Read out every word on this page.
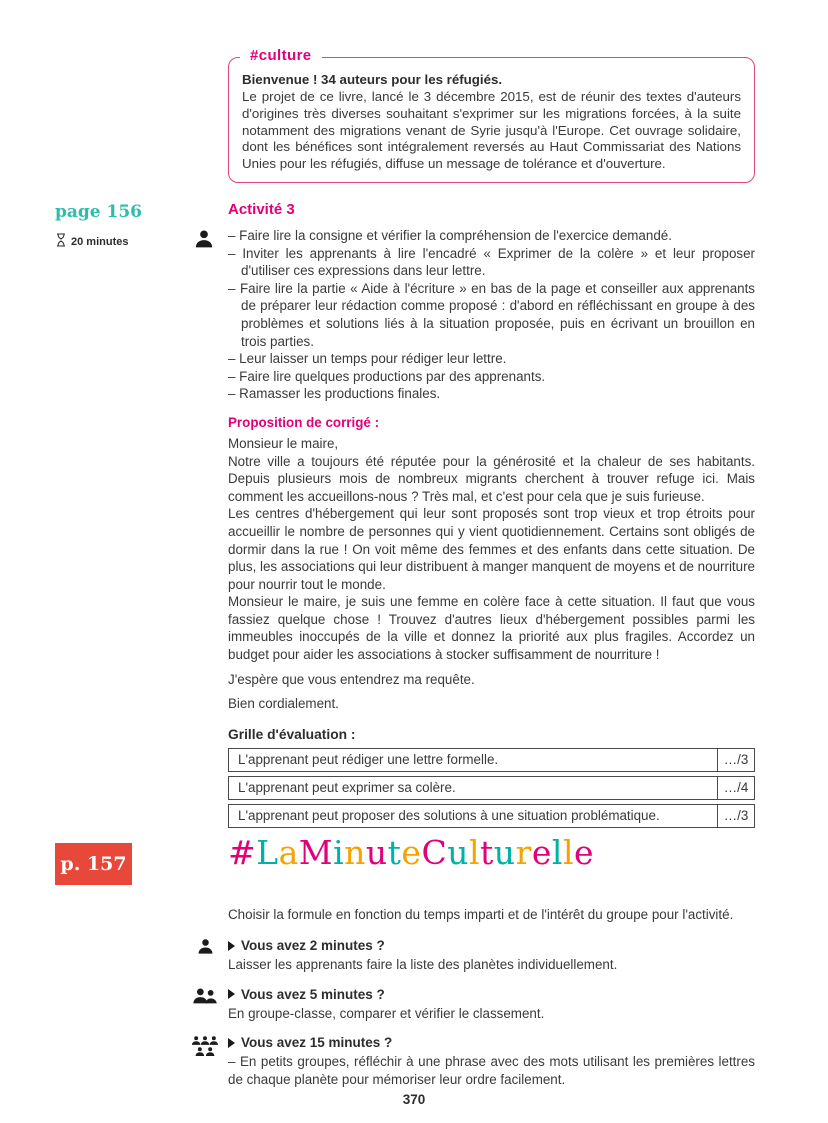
#culture

Bienvenue ! 34 auteurs pour les réfugiés.

Le projet de ce livre, lancé le 3 décembre 2015, est de réunir des textes d'auteurs d'origines très diverses souhaitant s'exprimer sur les migrations forcées, à la suite notamment des migrations venant de Syrie jusqu'à l'Europe. Cet ouvrage solidaire, dont les bénéfices sont intégralement reversés au Haut Commissariat des Nations Unies pour les réfugiés, diffuse un message de tolérance et d'ouverture.

page 156
20 minutes
Activité 3
– Faire lire la consigne et vérifier la compréhension de l'exercice demandé.
– Inviter les apprenants à lire l'encadré « Exprimer de la colère » et leur proposer d'utiliser ces expressions dans leur lettre.
– Faire lire la partie « Aide à l'écriture » en bas de la page et conseiller aux apprenants de préparer leur rédaction comme proposé : d'abord en réfléchissant en groupe à des problèmes et solutions liés à la situation proposée, puis en écrivant un brouillon en trois parties.
– Leur laisser un temps pour rédiger leur lettre.
– Faire lire quelques productions par des apprenants.
– Ramasser les productions finales.
Proposition de corrigé :

Monsieur le maire,

Notre ville a toujours été réputée pour la générosité et la chaleur de ses habitants. Depuis plusieurs mois de nombreux migrants cherchent à trouver refuge ici. Mais comment les accueillons-nous ? Très mal, et c'est pour cela que je suis furieuse.

Les centres d'hébergement qui leur sont proposés sont trop vieux et trop étroits pour accueillir le nombre de personnes qui y vient quotidiennement. Certains sont obligés de dormir dans la rue ! On voit même des femmes et des enfants dans cette situation. De plus, les associations qui leur distribuent à manger manquent de moyens et de nourriture pour nourrir tout le monde.

Monsieur le maire, je suis une femme en colère face à cette situation. Il faut que vous fassiez quelque chose ! Trouvez d'autres lieux d'hébergement possibles parmi les immeubles inoccupés de la ville et donnez la priorité aux plus fragiles. Accordez un budget pour aider les associations à stocker suffisamment de nourriture !

J'espère que vous entendrez ma requête.

Bien cordialement.

Grille d'évaluation :
L'apprenant peut rédiger une lettre formelle.	…/3
L'apprenant peut exprimer sa colère.	…/4
L'apprenant peut proposer des solutions à une situation problématique.	…/3
p. 157	#LaMinuteCulturelle

Choisir la formule en fonction du temps imparti et de l'intérêt du groupe pour l'activité.

Vous avez 2 minutes ?

Laisser les apprenants faire la liste des planètes individuellement.

Vous avez 5 minutes ?

En groupe-classe, comparer et vérifier le classement.

Vous avez 15 minutes ?

– En petits groupes, réfléchir à une phrase avec des mots utilisant les premières lettres de chaque planète pour mémoriser leur ordre facilement.

370
